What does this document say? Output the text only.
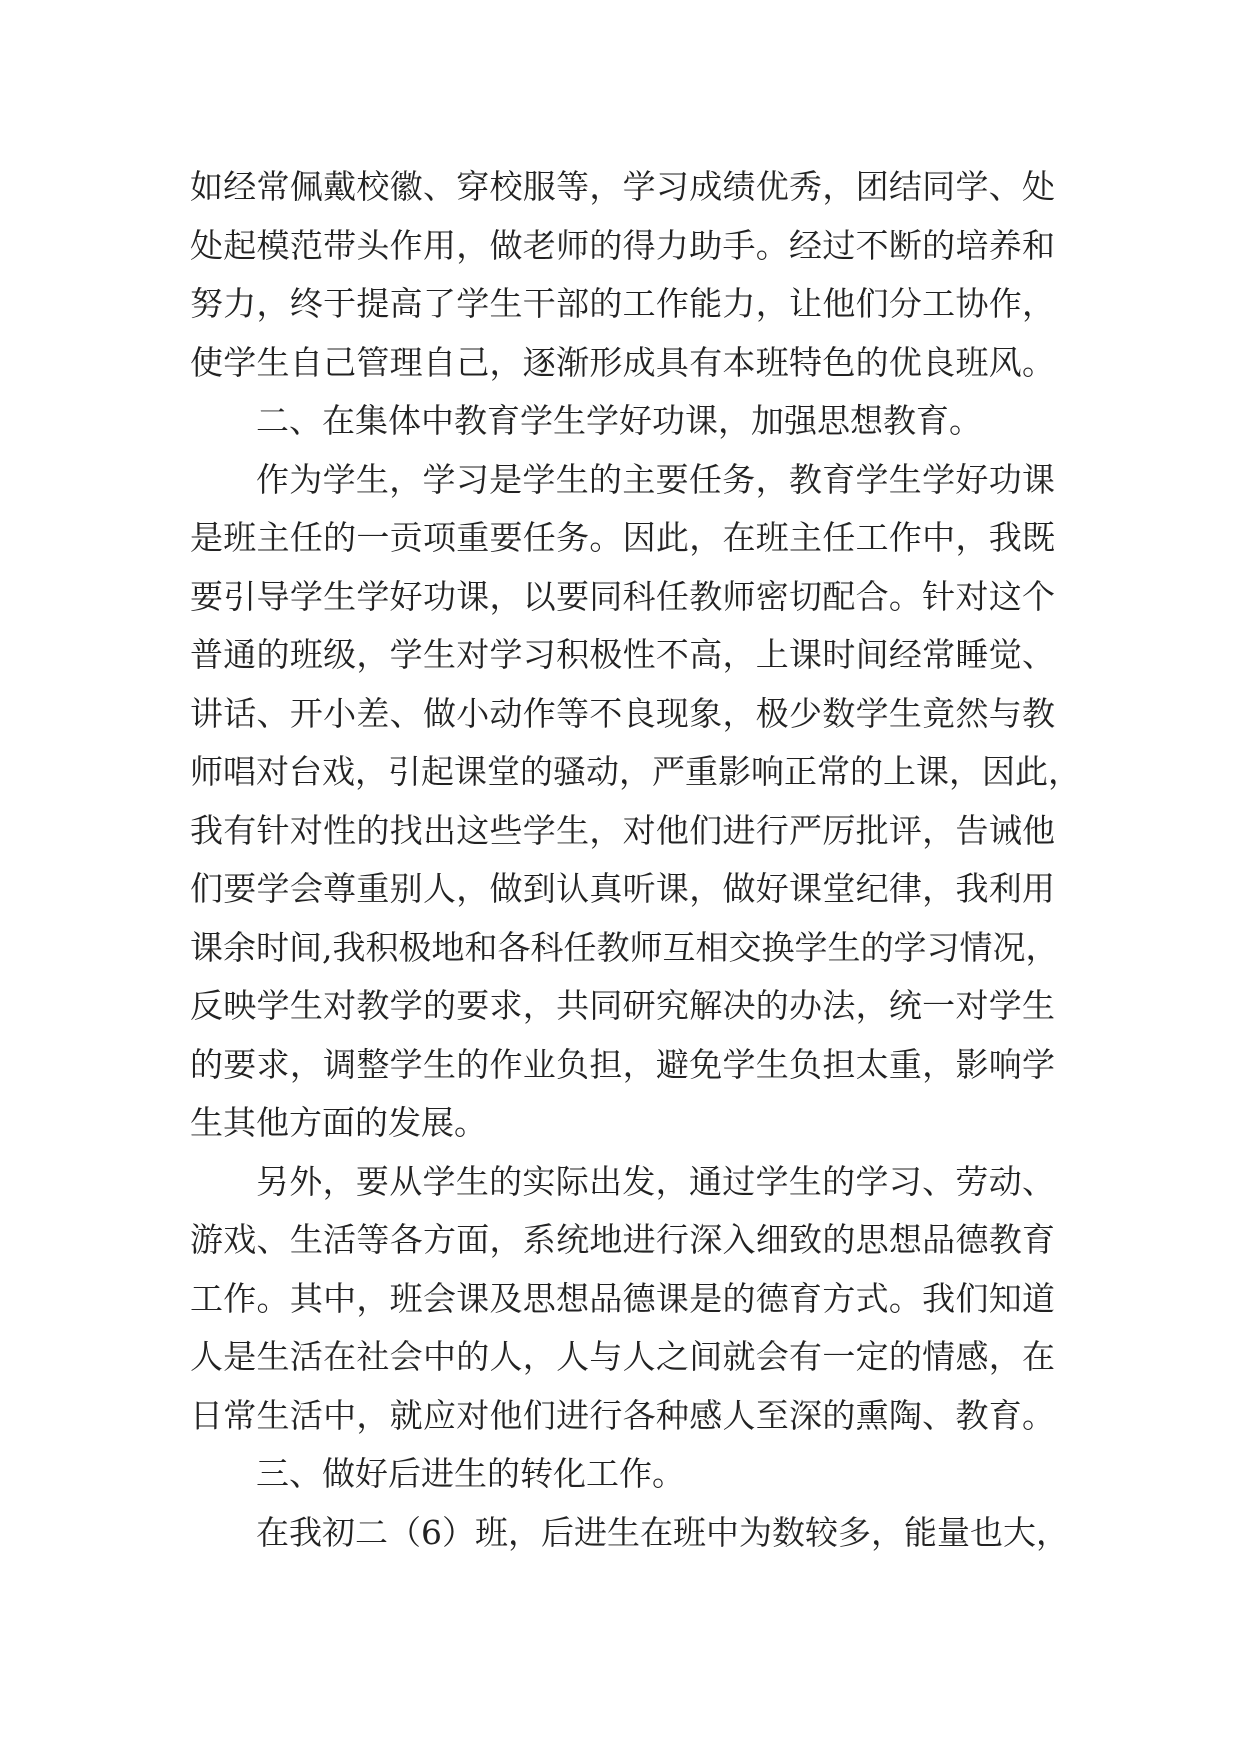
如经常佩戴校徽、穿校服等，学习成绩优秀，团结同学、处
处起模范带头作用，做老师的得力助手。经过不断的培养和
努力，终于提高了学生干部的工作能力，让他们分工协作，
使学生自己管理自己，逐渐形成具有本班特色的优良班风。
二、在集体中教育学生学好功课，加强思想教育。
作为学生，学习是学生的主要任务，教育学生学好功课
是班主任的一贡项重要任务。因此，在班主任工作中，我既
要引导学生学好功课，以要同科任教师密切配合。针对这个
普通的班级，学生对学习积极性不高，上课时间经常睡觉、
讲话、开小差、做小动作等不良现象，极少数学生竟然与教
师唱对台戏，引起课堂的骚动，严重影响正常的上课，因此，
我有针对性的找出这些学生，对他们进行严厉批评，告诫他
们要学会尊重别人，做到认真听课，做好课堂纪律，我利用
课余时间,我积极地和各科任教师互相交换学生的学习情况，
反映学生对教学的要求，共同研究解决的办法，统一对学生
的要求，调整学生的作业负担，避免学生负担太重，影响学
生其他方面的发展。
另外，要从学生的实际出发，通过学生的学习、劳动、
游戏、生活等各方面，系统地进行深入细致的思想品德教育
工作。其中，班会课及思想品德课是的德育方式。我们知道
人是生活在社会中的人，人与人之间就会有一定的情感，在
日常生活中，就应对他们进行各种感人至深的熏陶、教育。
三、做好后进生的转化工作。
在我初二（6）班，后进生在班中为数较多，能量也大，
